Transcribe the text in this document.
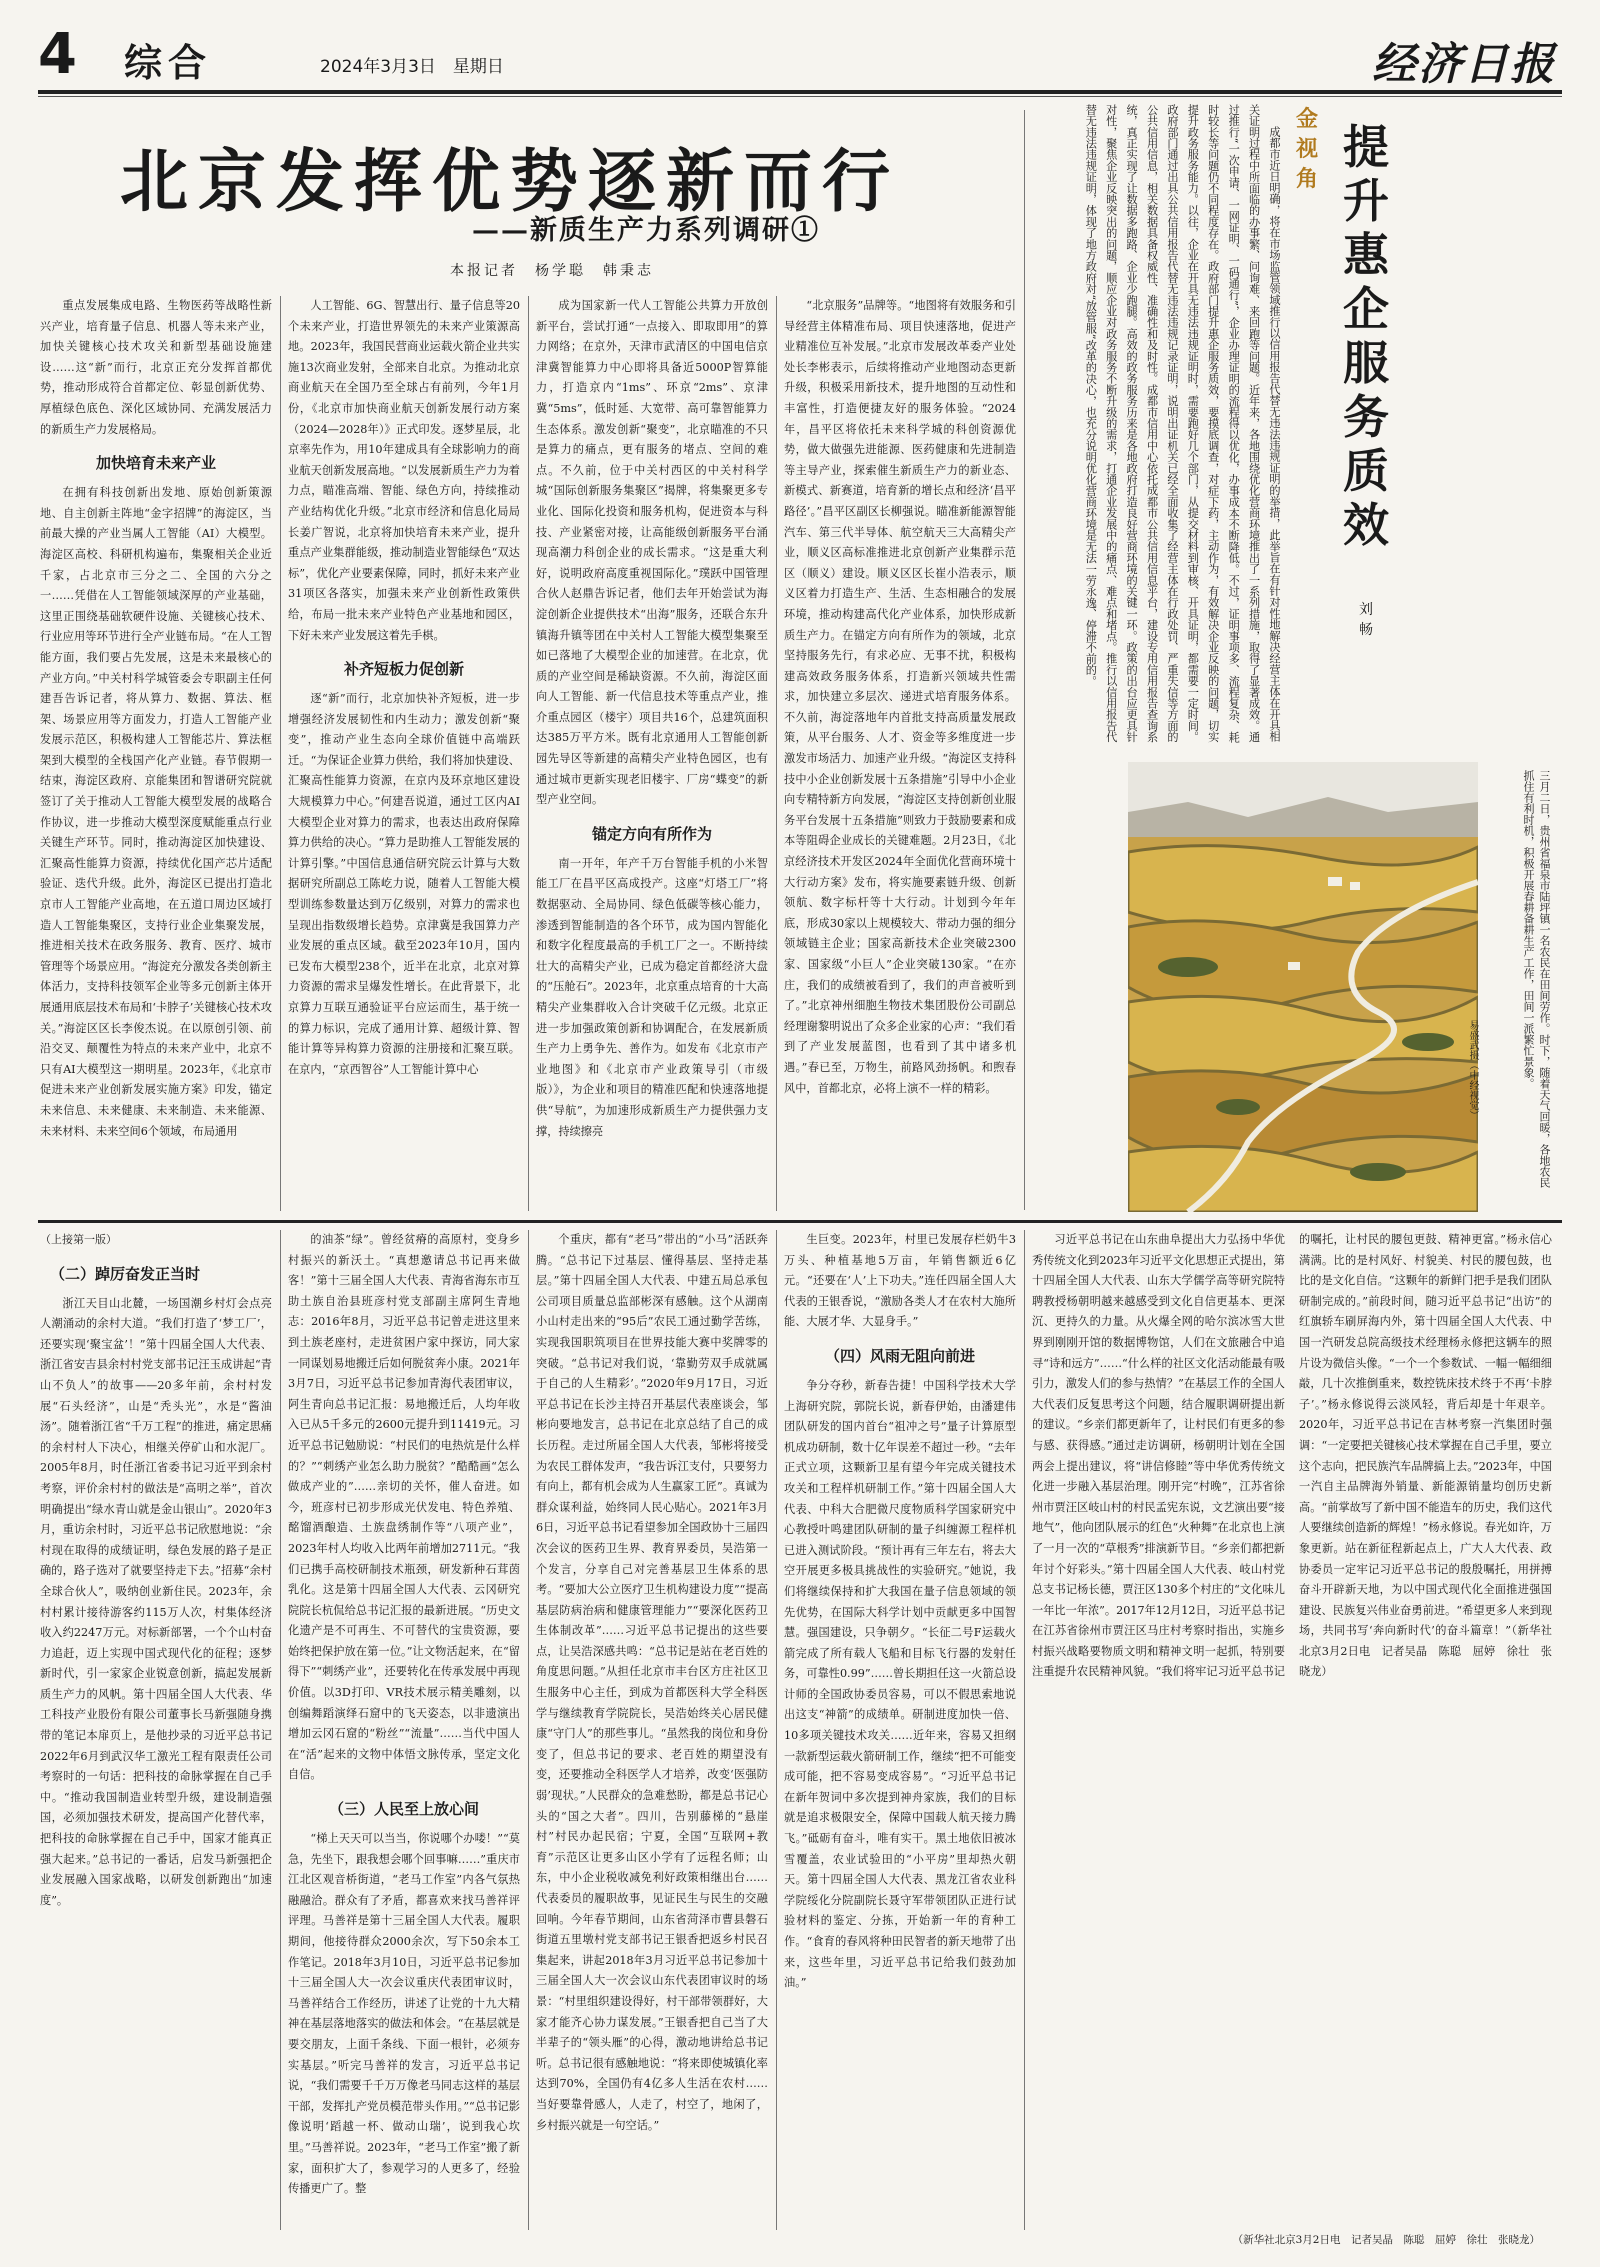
4 综合	2024年3月3日　星期日	经济日报
北京发挥优势逐新而行
——新质生产力系列调研①
本报记者　杨学聪　韩秉志

重点发展集成电路、生物医药等战略性新兴产业，培育量子信息、机器人等未来产业，加快关键核心技术攻关和新型基础设施建设……这“新”而行，北京正充分发挥首都优势，推动形成符合首都定位、彰显创新优势、厚植绿色底色、深化区域协同、充满发展活力的新质生产力发展格局。

加快培育未来产业

在拥有科技创新出发地、原始创新策源地、自主创新主阵地“金字招牌”的海淀区，当前最大操的产业当属人工智能（AI）大模型。海淀区高校、科研机构遍布，集聚相关企业近千家，占北京市三分之二、全国的六分之一……凭借在人工智能领域深厚的产业基础，这里正围绕基础软硬件设施、关键核心技术、行业应用等环节进行全产业链布局。“在人工智能方面，我们要占先发展，这是未来最核心的产业方向。”中关村科学城管委会专职副主任何建吾告诉记者，将从算力、数据、算法、框架、场景应用等方面发力，打造人工智能产业发展示范区，积极构建人工智能芯片、算法框架到大模型的全栈国产化产业链。春节假期一结束，海淀区政府、京能集团和智谱研究院就签订了关于推动人工智能大模型发展的战略合作协议，进一步推动大模型深度赋能重点行业关键生产环节。同时，推动海淀区加快建设、汇聚高性能算力资源，持续优化国产芯片适配验证、迭代升级。此外，海淀区已提出打造北京市人工智能产业高地，在五道口周边区域打造人工智能集聚区，支持行业企业集聚发展，推进相关技术在政务服务、教育、医疗、城市管理等个场景应用。“海淀充分激发各类创新主体活力，支持科技领军企业等多元创新主体开展通用底层技术布局和‘卡脖子’关键核心技术攻关。”海淀区区长李俊杰说。在以原创引领、前沿交叉、颠覆性为特点的未来产业中，北京不只有AI大模型这一期明星。2023年，《北京市促进未来产业创新发展实施方案》印发，锚定未来信息、未来健康、未来制造、未来能源、未来材料、未来空间6个领域，布局通用

人工智能、6G、智慧出行、量子信息等20个未来产业，打造世界领先的未来产业策源高地。2023年，我国民营商业运载火箭企业共实施13次商业发射，全部来自北京。为推动北京商业航天在全国乃至全球占有前列，今年1月份，《北京市加快商业航天创新发展行动方案（2024—2028年）》正式印发。逐梦星辰，北京率先作为，用10年建成具有全球影响力的商业航天创新发展高地。“以发展新质生产力为着力点，瞄准高端、智能、绿色方向，持续推动产业结构优化升级。”北京市经济和信息化局局长姜广智说，北京将加快培育未来产业，提升重点产业集群能级，推动制造业智能绿色“双达标”，优化产业要素保障，同时，抓好未来产业31项区各落实，加强未来产业创新性政策供给，布局一批未来产业特色产业基地和园区，下好未来产业发展这着先手棋。

补齐短板力促创新

逐“新”而行，北京加快补齐短板，进一步增强经济发展韧性和内生动力；激发创新“聚变”，推动产业生态向全球价值链中高端跃迁。“为保证企业算力供给，我们将加快建设、汇聚高性能算力资源，在京内及环京地区建设大规模算力中心。”何建吾说道，通过工区内AI大模型企业对算力的需求，也表达出政府保障算力供给的决心。“算力是助推人工智能发展的计算引擎。”中国信息通信研究院云计算与大数据研究所副总工陈屹力说，随着人工智能大模型训练参数量达到万亿级别，对算力的需求也呈现出指数级增长趋势。京津冀是我国算力产业发展的重点区域。截至2023年10月，国内已发布大模型238个，近半在北京，北京对算力资源的需求呈爆发性增长。在此背景下，北京算力互联互通验证平台应运而生，基于统一的算力标识，完成了通用计算、超级计算、智能计算等异构算力资源的注册接和汇聚互联。在京内，“京西智谷”人工智能计算中心

成为国家新一代人工智能公共算力开放创新平台，尝试打通“一点接入、即取即用”的算力网络；在京外，天津市武清区的中国电信京津冀智能算力中心即将具备近5000P智算能力，打造京内“1ms”、环京“2ms”、京津冀“5ms”，低时延、大宽带、高可靠智能算力生态体系。激发创新“聚变”，北京瞄准的不只是算力的痛点，更有服务的堵点、空间的难点。不久前，位于中关村西区的中关村科学城“国际创新服务集聚区”揭牌，将集聚更多专业化、国际化投资和服务机构，促进资本与科技、产业紧密对接，让高能级创新服务平台涌现高潮力科创企业的成长需求。“这是重大利好，说明政府高度重视国际化。”璞跃中国管理合伙人赵鼎告诉记者，他们去年开始尝试为海淀创新企业提供技术“出海”服务，还联合东升镇海升镇等团在中关村人工智能大模型集聚至如已落地了大模型企业的加速营。在北京，优质的产业空间是稀缺资源。不久前，海淀区面向人工智能、新一代信息技术等重点产业，推介重点园区（楼宇）项目共16个，总建筑面积达385万平方米。既有北京通用人工智能创新园先导区等新建的高精尖产业特色园区，也有通过城市更新实现老旧楼宇、厂房“蝶变”的新型产业空间。

锚定方向有所作为

南一开年，年产千万台智能手机的小米智能工厂在昌平区高成投产。这座“灯塔工厂”将数据驱动、全局协同、绿色低碳等核心能力，渗透到智能制造的各个环节，成为国内智能化和数字化程度最高的手机工厂之一。不断持续壮大的高精尖产业，已成为稳定首都经济大盘的“压舱石”。2023年，北京重点培育的十大高精尖产业集群收入合计突破千亿元级。北京正进一步加强政策创新和协调配合，在发展新质生产力上勇争先、善作为。如发布《北京市产业地图》和《北京市产业政策导引（市级版）》，为企业和项目的精准匹配和快速落地提供“导航”，为加速形成新质生产力提供强力支撑，持续擦亮

“北京服务”品牌等。“地图将有效服务和引导经营主体精准布局、项目快速落地，促进产业精准位互补发展。”北京市发展改革委产业处处长李彬表示，后续将推动产业地图动态更新升级，积极采用新技术，提升地图的互动性和丰富性，打造便捷友好的服务体验。“2024年，昌平区将依托未来科学城的科创资源优势，做大做强先进能源、医药健康和先进制造等主导产业，探索催生新质生产力的新业态、新模式、新赛道，培育新的增长点和经济‘昌平路径’。”昌平区副区长柳强说。瞄准新能源智能汽车、第三代半导体、航空航天三大高精尖产业，顺义区高标准推进北京创新产业集群示范区（顺义）建设。顺义区区长崔小浩表示，顺义区着力打造生产、生活、生态相融合的发展环境，推动构建高代化产业体系，加快形成新质生产力。在锚定方向有所作为的领域，北京坚持服务先行，有求必应、无事不扰，积极构建高效政务服务体系，打造新兴领域共性需求，加快建立多层次、递进式培育服务体系。不久前，海淀落地年内首批支持高质量发展政策，从平台服务、人才、资金等多维度进一步激发市场活力、加速产业升级。“海淀区支持科技中小企业创新发展十五条措施”引导中小企业向专精特新方向发展，“海淀区支持创新创业服务平台发展十五条措施”则致力于鼓励要素和成本等阻碍企业成长的关键难题。2月23日，《北京经济技术开发区2024年全面优化营商环境十大行动方案》发布，将实施要素链升级、创新领航、数字标杆等十大行动。计划到今年年底，形成30家以上规模较大、带动力强的细分领域链主企业；国家高新技术企业突破2300家、国家级“小巨人”企业突破130家。“在亦庄，我们的成绩被看到了，我们的声音被听到了。”北京神州细胞生物技术集团股份公司副总经理谢黎明说出了众多企业家的心声：“我们看到了产业发展蓝图，也看到了其中诸多机遇。”春已至，万物生，前路风劲扬帆。和煦春风中，首都北京，必将上演不一样的精彩。

成都市近日明确，将在市场监管领域推行以信用报告代替无违法违规证明的举措，此举旨在有针对性地解决经营主体在开具相关证明过程中所面临的办事繁、问询难、来回跑等问题。近年来，各地围绕优化营商环境推出了一系列措施，取得了显著成效。通过推行“一次申请、一网证明、一码通行”，企业办理证明的流程得以优化，办事成本不断降低。不过，证明事项多、流程复杂、耗时较长等问题仍不同程度存在。政府部门提升惠企服务质效，要摸底调查，对症下药，主动作为，有效解决企业反映的问题，切实提升政务服务能力。以往，企业在开具无违法违规证明时，需要跑好几个部门，从提交材料到审核、开具证明，都需要一定时间。政府部门通过出具公共信用报告代替无违法违规记录证明，说明出证机关已经全面收集了经营主体在行政处罚、严重失信等方面的公共信用信息，相关数据具备权威性、准确性和及时性。成都市信用中心依托成都市公共信用信息平台，建设专用信用报告查询系统，真正实现了让数据多跑路、企业少跑腿。高效的政务服务历来是各地政府打造良好营商环境的关键一环。政策的出台应更具针对性，聚焦企业反映突出的问题，顺应企业对政务服务不断升级的需求，打通企业发展中的痛点、难点和堵点。推行以信用报告代替无违法违规证明，体现了地方政府对“放管服”改革的决心，也充分说明优化营商环境是无法一劳永逸、停滞不前的。	金视角
提升惠企服务质效
刘畅
三月二日，贵州省福泉市陆坪镇一名农民在田间劳作。时下，随着天气回暖，各地农民抓住有利时机，积极开展春耕备耕生产工作，田间一派繁忙景象。
易盛武摄（中经视觉）
（上接第一版）
（二）踔厉奋发正当时

浙江天目山北麓，一场国潮乡村灯会点亮人潮涌动的余村大道。“我们打造了‘梦工厂’，还要实现‘聚宝盆’！”第十四届全国人大代表、浙江省安吉县余村村党支部书记汪玉成讲起“青山不负人”的故事——20多年前，余村村发展“石头经济”，山是“秃头光”，水是“酱油汤”。随着浙江省“千万工程”的推进，痛定思痛的余村村人下决心，相继关停矿山和水泥厂。2005年8月，时任浙江省委书记习近平到余村考察，评价余村村的做法是“高明之举”，首次明确提出“绿水青山就是金山银山”。2020年3月，重访余村时，习近平总书记欣慰地说：“余村现在取得的成绩证明，绿色发展的路子是正确的，路子选对了就要坚持走下去。”招募“余村全球合伙人”，吸纳创业新住民。2023年，余村村累计接待游客约115万人次，村集体经济收入约2247万元。对标新部署，一个个山村奋力追赶，迈上实现中国式现代化的征程；逐梦新时代，引一家家企业锐意创新，搞起发展新质生产力的风帆。第十四届全国人大代表、华工科技产业股份有限公司董事长马新强随身携带的笔记本扉页上，是他抄录的习近平总书记2022年6月到武汉华工激光工程有限责任公司考察时的一句话：把科技的命脉掌握在自己手中。“推动我国制造业转型升级，建设制造强国，必须加强技术研发，提高国产化替代率，把科技的命脉掌握在自己手中，国家才能真正强大起来。”总书记的一番话，启发马新强把企业发展融入国家战略，以研发创新跑出“加速度”。

的油茶“绿”。曾经贫瘠的高原村，变身乡村振兴的新沃土。“真想邀请总书记再来做客！”第十三届全国人大代表、青海省海东市互助土族自治县班彦村党支部副主席阿生青地志：2016年8月，习近平总书记曾走进这里来到土族老座村，走进贫困户家中探访，同大家一同谋划易地搬迁后如何脱贫奔小康。2021年3月7日，习近平总书记参加青海代表团审议，阿生青向总书记汇报：易地搬迁后，人均年收入已从5千多元的2600元提升到11419元。习近平总书记勉励说：“村民们的电热炕是什么样的？”“刺绣产业怎么助力脱贫？”酷酷画“怎么做成产业的”……亲切的关怀，催人奋进。如今，班彦村已初步形成光伏发电、特色养殖、酩馏酒酿造、土族盘绣制作等“八项产业”，2023年村人均收入比两年前增加2711元。“我们已携手高校研制技术瓶颈，研发新种石茸茵乳化。这是第十四届全国人大代表、云冈研究院院长杭侃给总书记汇报的最新进展。“历史文化遗产是不可再生、不可替代的宝贵资源，要始终把保护放在第一位。”让文物活起来，在“留得下”“刺绣产业”，还要转化在传承发展中再现价值。以3D打印、VR技术展示精美雕刻，以创编舞蹈演绎石窟中的飞天姿态，以非遗演出增加云冈石窟的“粉丝”“流量”……当代中国人在“活”起来的文物中体悟文脉传承，坚定文化自信。

（三）人民至上放心间

“梯上天天可以当当，你说哪个办喽！”“莫急，先坐下，跟我想会哪个回事嘛……”重庆市江北区观音桥街道，“老马工作室”内各气氛热融融洽。群众有了矛盾，都喜欢来找马善祥评评理。马善祥是第十三届全国人大代表。履职期间，他接待群众2000余次，写下50余本工作笔记。2018年3月10日，习近平总书记参加十三届全国人大一次会议重庆代表团审议时，马善祥结合工作经历，讲述了让党的十九大精神在基层落地落实的做法和体会。“在基层就是要交朋友，上面千条线、下面一根针，必须夯实基层。”听完马善祥的发言，习近平总书记说，“我们需要千千万万像老马同志这样的基层干部，发挥扎产党员模范带头作用。”“总书记影像说明‘蹈越一杯、做动山瑞’，说到我心坎里。”马善祥说。2023年，“老马工作室”搬了新家，面积扩大了，参观学习的人更多了，经验传播更广了。整

个重庆，都有“老马”带出的“小马”活跃奔腾。“总书记下过基层、懂得基层、坚持走基层。”第十四届全国人大代表、中建五局总承包公司项目质量总监部彬深有感触。这个从湖南小山村走出来的“95后”农民工通过勤学苦练，实现我国职筑项目在世界技能大赛中奖牌零的突破。“总书记对我们说，‘靠勤劳双手成就属于自己的人生精彩’。”2020年9月17日，习近平总书记在长沙主持召开基层代表座谈会，邹彬向要地发言，总书记在北京总结了自己的成长历程。走过所届全国人大代表，邹彬将接受为农民工群体发声，“我告诉江支付，只要努力有向上，都有机会成为人生赢家工匠”。真诚为群众谋利益，始终同人民心贴心。2021年3月6日，习近平总书记看望参加全国政协十三届四次会议的医药卫生界、教育界委员，吴浩第一个发言，分享自己对完善基层卫生体系的思考。“要加大公立医疗卫生机构建设力度”“提高基层防病治病和健康管理能力”“要深化医药卫生体制改革”……习近平总书记提出的这些要点，让吴浩深感共鸣：“总书记是站在老百姓的角度思问题。”从担任北京市丰台区方庄社区卫生服务中心主任，到成为首都医科大学全科医学与继续教育学院院长，吴浩始终关心居民健康“守门人”的那些事儿。“虽然我的岗位和身份变了，但总书记的要求、老百姓的期望没有变，还要推动全科医学人才培养，改变‘医强防弱’现状。”人民群众的急难愁盼，都是总书记心头的“国之大者”。四川，告别藤梯的“悬崖村”村民办起民宿；宁夏，全国“互联网+教育”示范区让更多山区小学有了远程名师；山东，中小企业税收减免利好政策相继出台……代表委员的履职故事，见证民生与民生的交融回响。今年春节期间，山东省菏泽市曹县磐石街道五里墩村党支部书记王银香把返乡村民召集起来，讲起2018年3月习近平总书记参加十三届全国人大一次会议山东代表团审议时的场景：“村里组织建设得好，村干部带领群好，大家才能齐心协力谋发展。”王银香把自己当了大半辈子的“领头雁”的心得，激动地讲给总书记听。总书记很有感触地说：“将来即使城镇化率达到70%，全国仍有4亿多人生活在农村……当好要靠骨感人，人走了，村空了，地闲了，乡村振兴就是一句空话。”

生巨变。2023年，村里已发展存栏奶牛3万头、种植基地5万亩，年销售额近6亿元。“还要在‘人’上下功夫。”连任四届全国人大代表的王银香说，“激励各类人才在农村大施所能、大展才华、大显身手。”

（四）风雨无阻向前进

争分夺秒，新春告捷！中国科学技术大学上海研究院，郭院长说，新春伊始，由潘建伟团队研发的国内首台“祖冲之号”量子计算原型机成功研制，数十亿年误差不超过一秒。“去年正式立项，这颗新卫星有望今年完成关键技术攻关和工程样机研制工作。”第十四届全国人大代表、中科大合肥微尺度物质科学国家研究中心教授叶鸣建团队研制的量子纠缠源工程样机已进入测试阶段。“预计再有三年左右，将去大空开展更多极具挑战性的实验研究。”她说，我们将继续保持和扩大我国在量子信息领域的领先优势，在国际大科学计划中贡献更多中国智慧。强国建设，只争朝夕。“长征二号F运载火箭完成了所有载人飞船和目标飞行器的发射任务，可靠性0.99”……曾长期担任这一火箭总设计师的全国政协委员容易，可以不假思索地说出这支“神箭”的成绩单。研制进度加快一倍、10多项关键技术攻关……近年来，容易又担纲一款新型运载火箭研制工作，继续“把不可能变成可能，把不容易变成容易”。“习近平总书记在新年贺词中多次提到神舟家族，我们的目标就是追求极限安全，保障中国载人航天接力腾飞。”砥砺有奋斗，唯有实干。黑土地依旧被冰雪覆盖，农业试验田的“小平房”里却热火朝天。第十四届全国人大代表、黑龙江省农业科学院绥化分院副院长聂守军带领团队正进行试验材料的鉴定、分拣，开始新一年的育种工作。“食育的春风将种田民智者的新天地带了出来，这些年里，习近平总书记给我们鼓劲加油。”

习近平总书记在山东曲阜提出大力弘扬中华优秀传统文化到2023年习近平文化思想正式提出，第十四届全国人大代表、山东大学儒学高等研究院特聘教授杨朝明越来越感受到文化自信更基本、更深沉、更持久的力量。从火爆全网的哈尔滨冰雪大世界到刚刚开馆的数据博物馆，人们在文旅融合中追寻“诗和远方”……“什么样的社区文化活动能最有吸引力，激发人们的参与热情？”在基层工作的全国人大代表们反复思考这个问题，结合履职调研提出新的建议。“乡亲们都更新年了，让村民们有更多的参与感、获得感。”通过走访调研，杨朝明计划在全国两会上提出建议，将“讲信修睦”等中华优秀传统文化进一步融入基层治理。刚开完“村晚”，江苏省徐州市贾汪区岐山村的村民孟宪东说，文艺演出要“接地气”，他向团队展示的红色“火种舞”在北京也上演了一月一次的“草根秀”排演新节目。“乡亲们都把新年讨个好彩头。”第十四届全国人大代表、岐山村党总支书记杨长德，贾汪区130多个村庄的“文化味儿一年比一年浓”。2017年12月12日，习近平总书记在江苏省徐州市贾汪区马庄村考察时指出，实施乡村振兴战略要物质文明和精神文明一起抓，特别要注重提升农民精神风貌。“我们将牢记习近平总书记的嘱托，让村民的腰包更鼓、精神更富。”杨永信心满满。比的是村风好、村貌美、村民的腰包鼓，也比的是文化自信。“这颗年的新鲜门把手是我们团队研制完成的。”前段时间，随习近平总书记“出访”的红旗轿车刷屏海内外，第十四届全国人大代表、中国一汽研发总院高级技术经理杨永修把这辆车的照片设为微信头像。“一个一个参数试、一幅一幅细细敲，几十次推倒重来，数控铣床技术终于不再‘卡脖子’。”杨永修说得云淡风轻，背后却是十年艰辛。2020年，习近平总书记在吉林考察一汽集团时强调：“一定要把关键核心技术掌握在自己手里，要立这个志向，把民族汽车品牌搞上去。”2023年，中国一汽自主品牌海外销量、新能源销量均创历史新高。“前掌故写了新中国不能造车的历史，我们这代人要继续创造新的辉煌！”杨永修说。春光如许，万象更新。站在新征程新起点上，广大人大代表、政协委员一定牢记习近平总书记的殷殷嘱托，用拼搏奋斗开辟新天地，为以中国式现代化全面推进强国建设、民族复兴伟业奋勇前进。“希望更多人来到现场，共同书写‘奔向新时代’的奋斗篇章！”（新华社北京3月2日电　记者吴晶　陈聪　屈婷　徐壮　张晓龙）

（新华社北京3月2日电　记者吴晶　陈聪　屈婷　徐壮　张晓龙）
